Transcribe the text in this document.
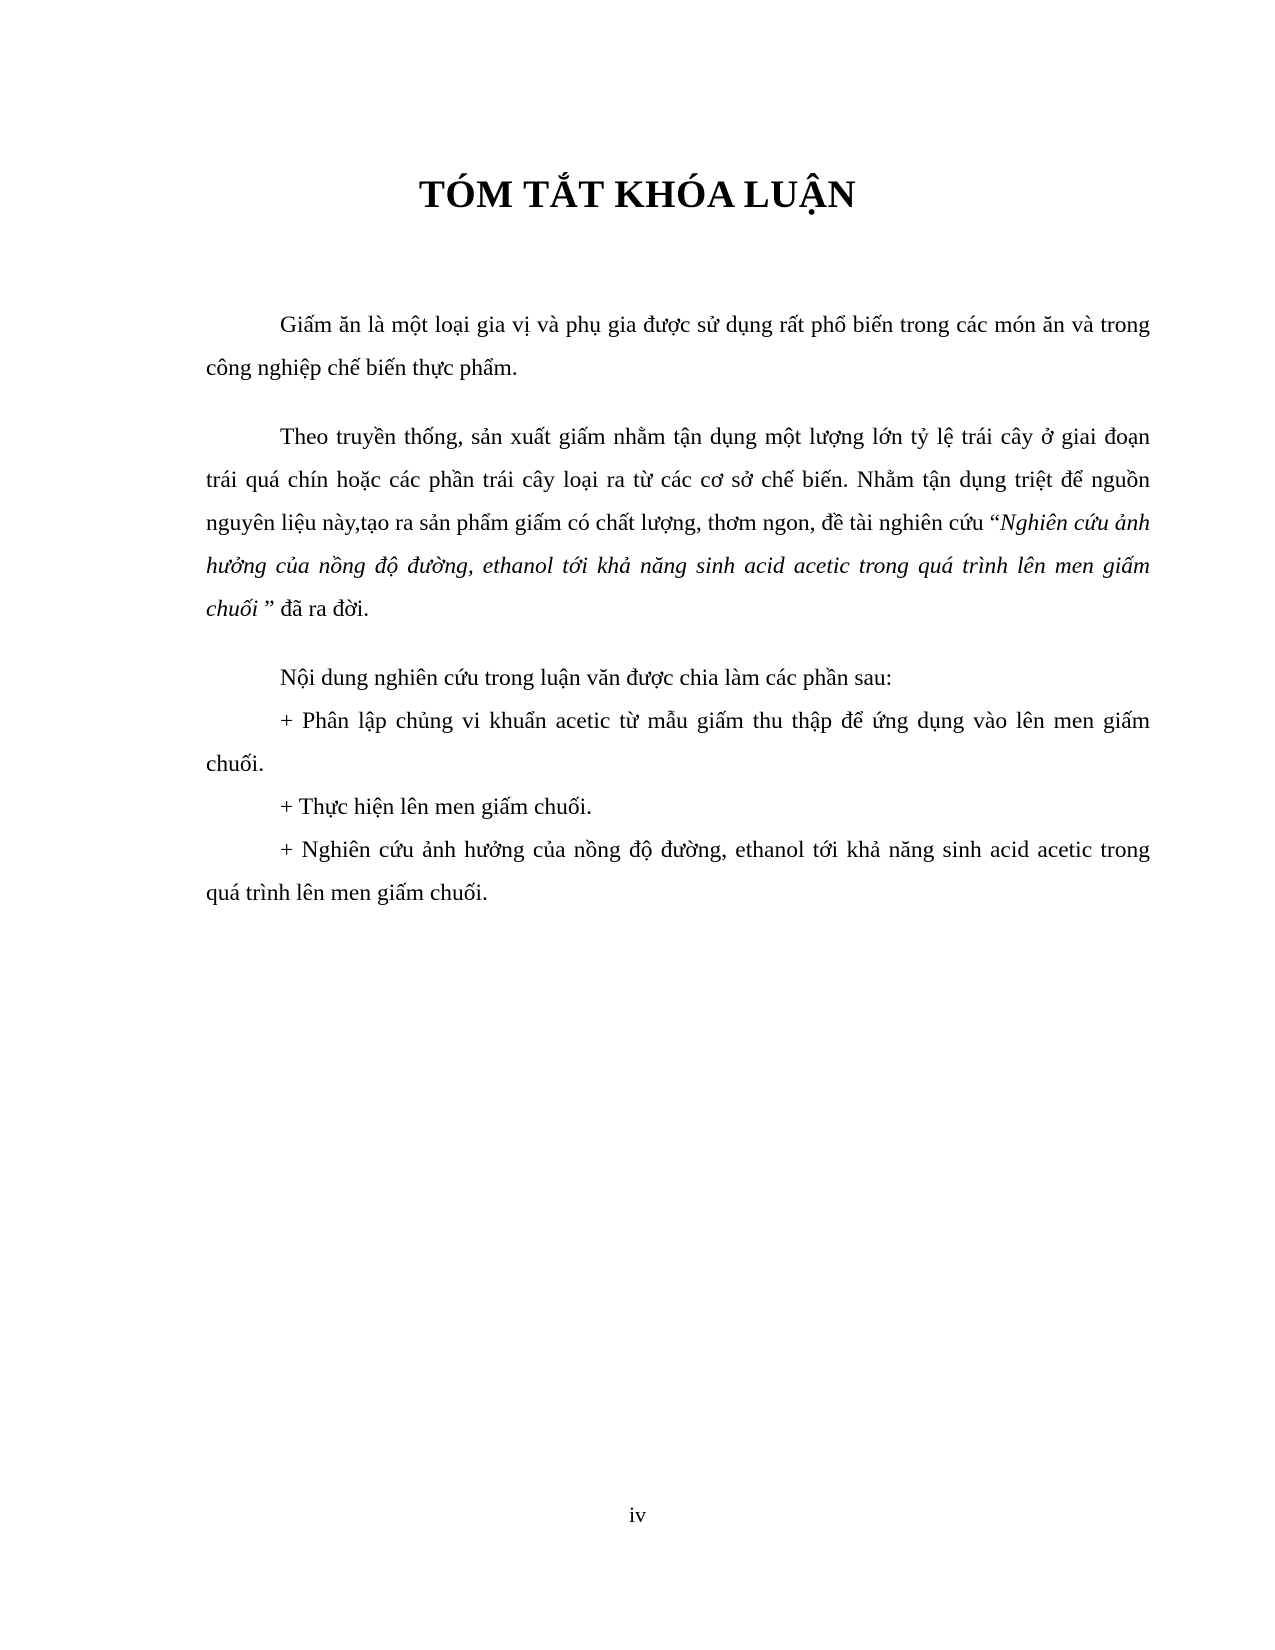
TÓM TẮT KHÓA LUẬN

Giấm ăn là một loại gia vị và phụ gia được sử dụng rất phổ biến trong các món ăn và trong công nghiệp chế biến thực phẩm.

Theo truyền thống, sản xuất giấm nhằm tận dụng một lượng lớn tỷ lệ trái cây ở giai đoạn trái quá chín hoặc các phần trái cây loại ra từ các cơ sở chế biến. Nhằm tận dụng triệt để nguồn nguyên liệu này,tạo ra sản phẩm giấm có chất lượng, thơm ngon, đề tài nghiên cứu “Nghiên cứu ảnh hưởng của nồng độ đường, ethanol tới khả năng sinh acid acetic trong quá trình lên men giấm chuối ” đã ra đời.

Nội dung nghiên cứu trong luận văn được chia làm các phần sau:

+ Phân lập chủng vi khuẩn acetic từ mẫu giấm thu thập để ứng dụng vào lên men giấm chuối.

+ Thực hiện lên men giấm chuối.

+ Nghiên cứu ảnh hưởng của nồng độ đường, ethanol tới khả năng sinh acid acetic trong quá trình lên men giấm chuối.

iv
